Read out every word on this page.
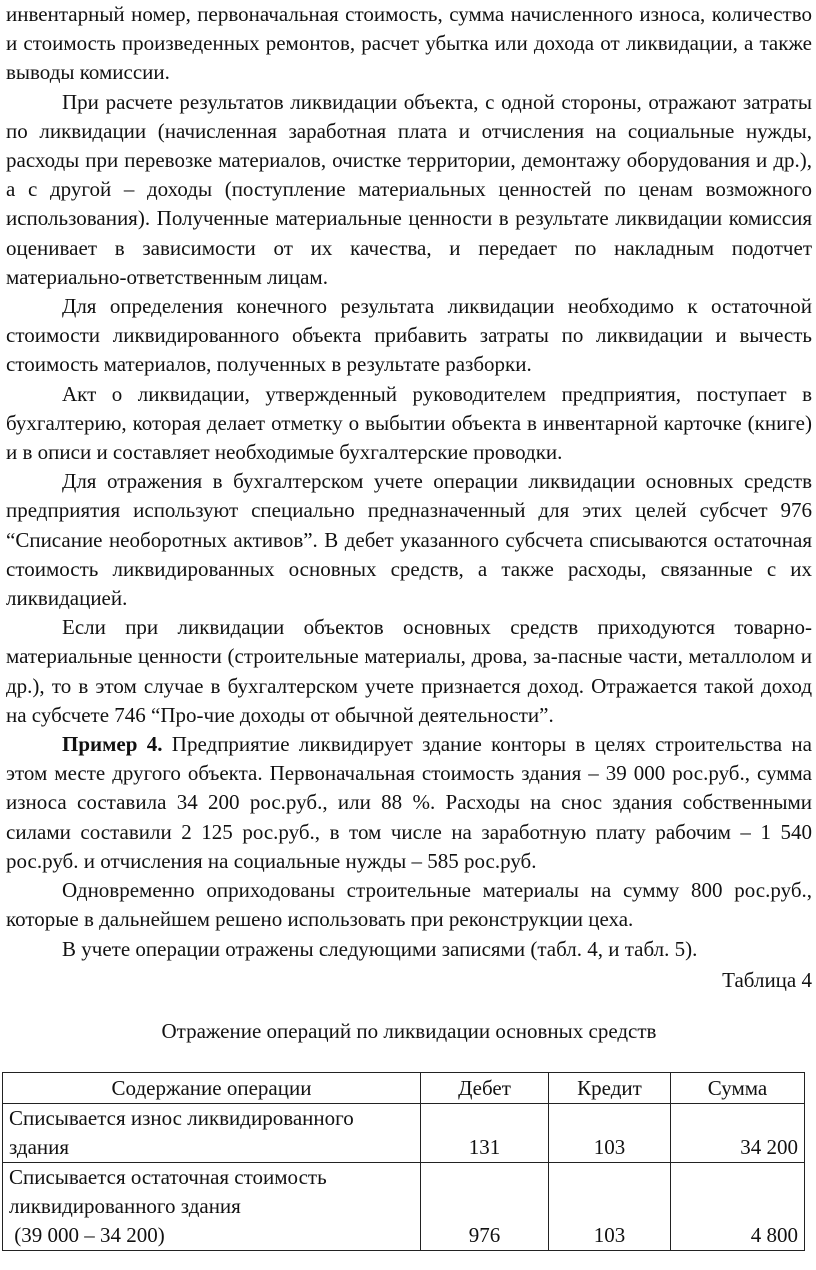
инвентарный номер, первоначальная стоимость, сумма начисленного износа, количество и стоимость произведенных ремонтов, расчет убытка или дохода от ликвидации, а также выводы комиссии.

При расчете результатов ликвидации объекта, с одной стороны, отражают затраты по ликвидации (начисленная заработная плата и отчисления на социальные нужды, расходы при перевозке материалов, очистке территории, демонтажу оборудования и др.), а с другой – доходы (поступление материальных ценностей по ценам возможного использования). Полученные материальные ценности в результате ликвидации комиссия оценивает в зависимости от их качества, и передает по накладным подотчет материально-ответственным лицам.

Для определения конечного результата ликвидации необходимо к остаточной стоимости ликвидированного объекта прибавить затраты по ликвидации и вычесть стоимость материалов, полученных в результате разборки.

Акт о ликвидации, утвержденный руководителем предприятия, поступает в бухгалтерию, которая делает отметку о выбытии объекта в инвентарной карточке (книге) и в описи и составляет необходимые бухгалтерские проводки.

Для отражения в бухгалтерском учете операции ликвидации основных средств предприятия используют специально предназначенный для этих целей субсчет 976 “Списание необоротных активов”. В дебет указанного субсчета списываются остаточная стоимость ликвидированных основных средств, а также расходы, связанные с их ликвидацией.

Если при ликвидации объектов основных средств приходуются товарно-материальные ценности (строительные материалы, дрова, за-пасные части, металлолом и др.), то в этом случае в бухгалтерском учете признается доход. Отражается такой доход на субсчете 746 “Про-чие доходы от обычной деятельности”.

Пример 4. Предприятие ликвидирует здание конторы в целях строительства на этом месте другого объекта. Первоначальная стоимость здания – 39 000 рос.руб., сумма износа составила 34 200 рос.руб., или 88 %. Расходы на снос здания собственными силами составили 2 125 рос.руб., в том числе на заработную плату рабочим – 1 540 рос.руб. и отчисления на социальные нужды – 585 рос.руб.

Одновременно оприходованы строительные материалы на сумму 800 рос.руб., которые в дальнейшем решено использовать при реконструкции цеха.

В учете операции отражены следующими записями (табл. 4, и табл. 5).

Таблица 4

Отражение операций по ликвидации основных средств

Содержание операции	Дебет	Кредит	Сумма

Списывается износ ликвидированного
здания	131	103	34 200

Списывается остаточная стоимость
ликвидированного здания
(39 000 – 34 200)	976	103	4 800
